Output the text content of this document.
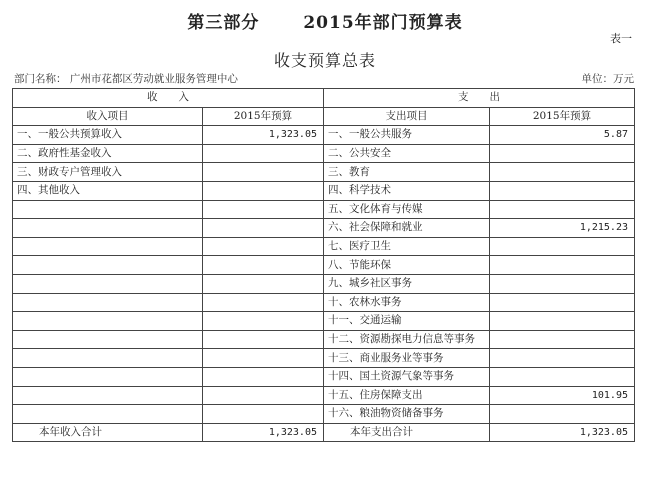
第三部分	2015年部门预算表
表一
收支预算总表
部门名称： 广州市花都区劳动就业服务管理中心	单位：万元
收　　入		支　　出	
收入项目	2015年预算	支出项目	2015年预算
一、一般公共预算收入	1,323.05	一、一般公共服务	5.87
二、政府性基金收入		二、公共安全	
三、财政专户管理收入		三、教育	
四、其他收入		四、科学技术	
		五、文化体育与传媒	
		六、社会保障和就业	1,215.23
		七、医疗卫生	
		八、节能环保	
		九、城乡社区事务	
		十、农林水事务	
		十一、交通运输	
		十二、资源勘探电力信息等事务	
		十三、商业服务业等事务	
		十四、国土资源气象等事务	
		十五、住房保障支出	101.95
		十六、粮油物资储备事务	
本年收入合计	1,323.05	本年支出合计	1,323.05
